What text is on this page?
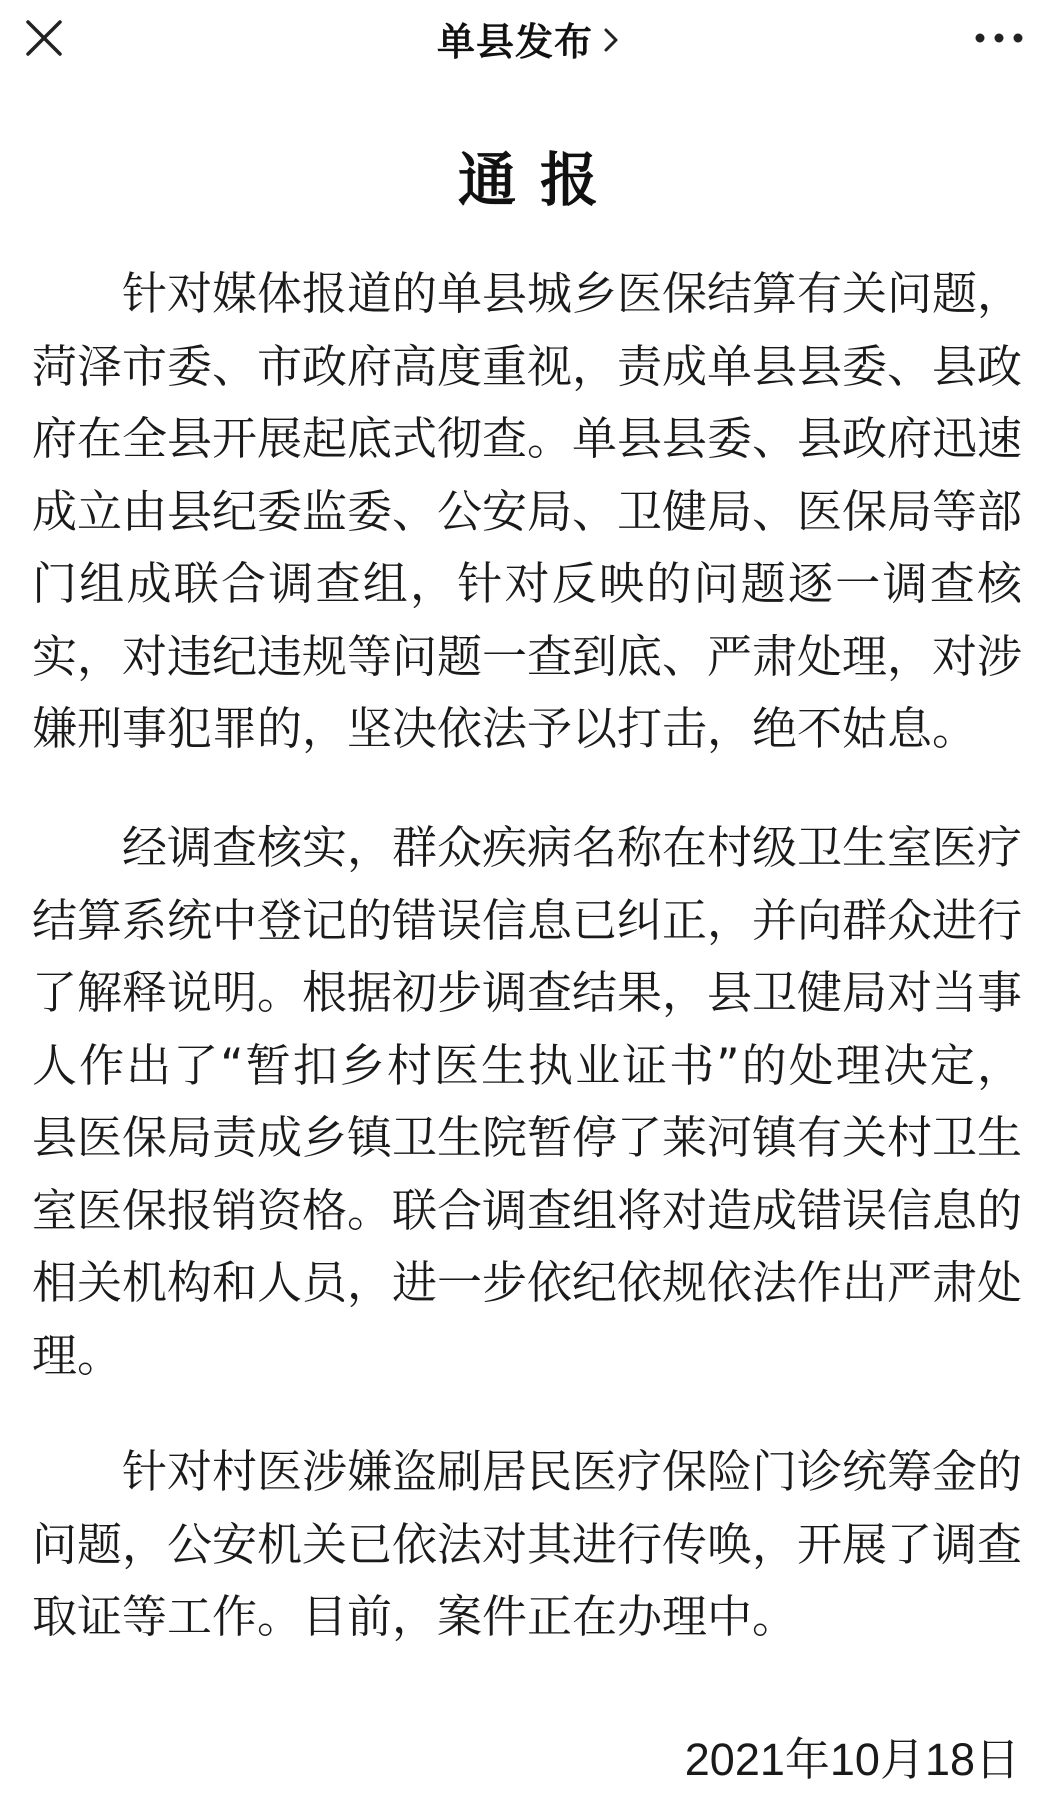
单县发布
通报

针对媒体报道的单县城乡医保结算有关问题，菏泽市委、市政府高度重视，责成单县县委、县政府在全县开展起底式彻查。单县县委、县政府迅速成立由县纪委监委、公安局、卫健局、医保局等部门组成联合调查组，针对反映的问题逐一调查核实，对违纪违规等问题一查到底、严肃处理，对涉嫌刑事犯罪的，坚决依法予以打击，绝不姑息。

经调查核实，群众疾病名称在村级卫生室医疗结算系统中登记的错误信息已纠正，并向群众进行了解释说明。根据初步调查结果，县卫健局对当事人作出了“暂扣乡村医生执业证书”的处理决定，县医保局责成乡镇卫生院暂停了莱河镇有关村卫生室医保报销资格。联合调查组将对造成错误信息的相关机构和人员，进一步依纪依规依法作出严肃处理。

针对村医涉嫌盗刷居民医疗保险门诊统筹金的问题，公安机关已依法对其进行传唤，开展了调查取证等工作。目前，案件正在办理中。

2021年10月18日
